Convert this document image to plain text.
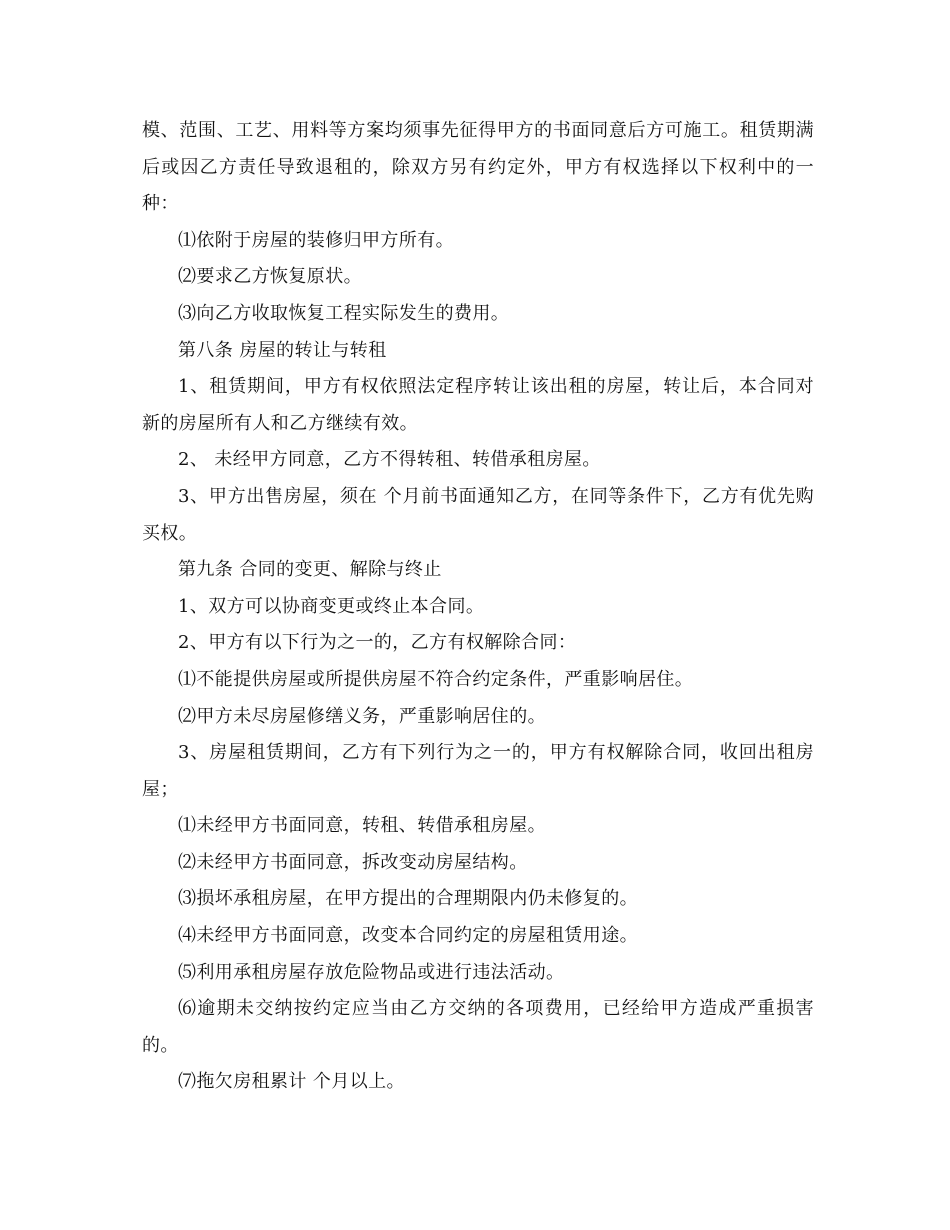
模、范围、工艺、用料等方案均须事先征得甲方的书面同意后方可施工。租赁期满后或因乙方责任导致退租的，除双方另有约定外，甲方有权选择以下权利中的一种：

⑴依附于房屋的装修归甲方所有。

⑵要求乙方恢复原状。

⑶向乙方收取恢复工程实际发生的费用。

第八条 房屋的转让与转租

1、租赁期间，甲方有权依照法定程序转让该出租的房屋，转让后，本合同对新的房屋所有人和乙方继续有效。

2、 未经甲方同意，乙方不得转租、转借承租房屋。

3、甲方出售房屋，须在 个月前书面通知乙方，在同等条件下，乙方有优先购买权。

第九条 合同的变更、解除与终止

1、双方可以协商变更或终止本合同。

2、甲方有以下行为之一的，乙方有权解除合同：

⑴不能提供房屋或所提供房屋不符合约定条件，严重影响居住。

⑵甲方未尽房屋修缮义务，严重影响居住的。

3、房屋租赁期间，乙方有下列行为之一的，甲方有权解除合同，收回出租房屋；

⑴未经甲方书面同意，转租、转借承租房屋。

⑵未经甲方书面同意，拆改变动房屋结构。

⑶损坏承租房屋，在甲方提出的合理期限内仍未修复的。

⑷未经甲方书面同意，改变本合同约定的房屋租赁用途。

⑸利用承租房屋存放危险物品或进行违法活动。

⑹逾期未交纳按约定应当由乙方交纳的各项费用，已经给甲方造成严重损害的。

⑺拖欠房租累计 个月以上。
